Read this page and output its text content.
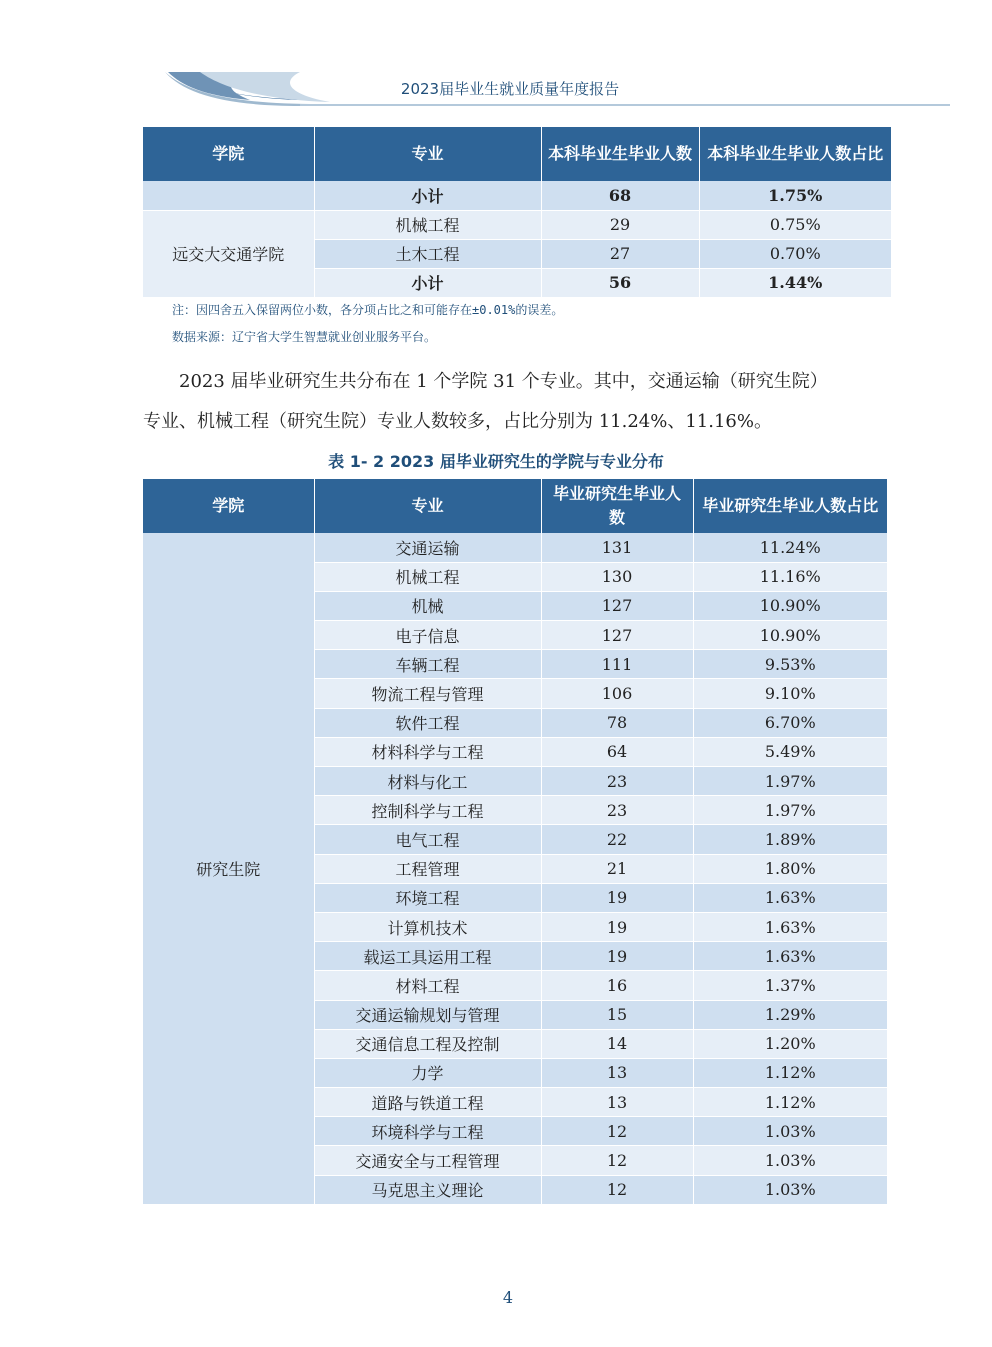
2023届毕业生就业质量年度报告
学院	专业	本科毕业生毕业人数	本科毕业生毕业人数占比
	小计	68	1.75%
远交大交通学院	机械工程	29	0.75%
	土木工程	27	0.70%
	小计	56	1.44%
注：因四舍五入保留两位小数，各分项占比之和可能存在±0.01%的误差。
数据来源：辽宁省大学生智慧就业创业服务平台。
2023 届毕业研究生共分布在 1 个学院 31 个专业。其中，交通运输（研究生院）
专业、机械工程（研究生院）专业人数较多，占比分别为 11.24%、11.16%。
表 1- 2 2023 届毕业研究生的学院与专业分布
学院	专业	毕业研究生毕业人数	毕业研究生毕业人数占比
研究生院	交通运输	131	11.24%
	机械工程	130	11.16%
	机械	127	10.90%
	电子信息	127	10.90%
	车辆工程	111	9.53%
	物流工程与管理	106	9.10%
	软件工程	78	6.70%
	材料科学与工程	64	5.49%
	材料与化工	23	1.97%
	控制科学与工程	23	1.97%
	电气工程	22	1.89%
	工程管理	21	1.80%
	环境工程	19	1.63%
	计算机技术	19	1.63%
	载运工具运用工程	19	1.63%
	材料工程	16	1.37%
	交通运输规划与管理	15	1.29%
	交通信息工程及控制	14	1.20%
	力学	13	1.12%
	道路与铁道工程	13	1.12%
	环境科学与工程	12	1.03%
	交通安全与工程管理	12	1.03%
	马克思主义理论	12	1.03%
4
